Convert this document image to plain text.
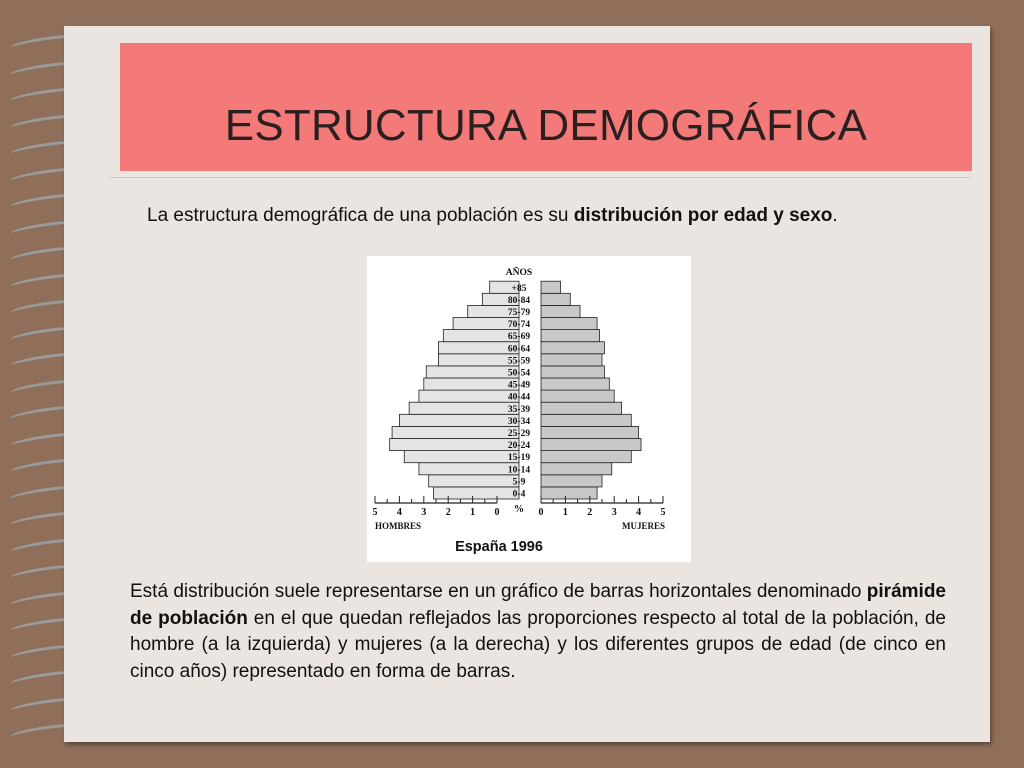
ESTRUCTURA DEMOGRÁFICA
La estructura demográfica de una población es su distribución por edad y sexo.
0-4
5-9
10-14
15-19
20-24
25-29
30-34
35-39
40-44
45-49
50-54
55-59
60-64
65-69
70-74
75-79
80-84
+85
AÑOS
5 4 3 2 1 0	0 1 2 3 4 5
%
HOMBRES	MUJERES
España 1996
Está distribución suele representarse en un gráfico de barras horizontales denominado pirámide de población en el que quedan reflejados las proporciones respecto al total de la población, de hombre (a la izquierda) y mujeres (a la derecha) y los diferentes grupos de edad (de cinco en cinco años) representado en forma de barras.
